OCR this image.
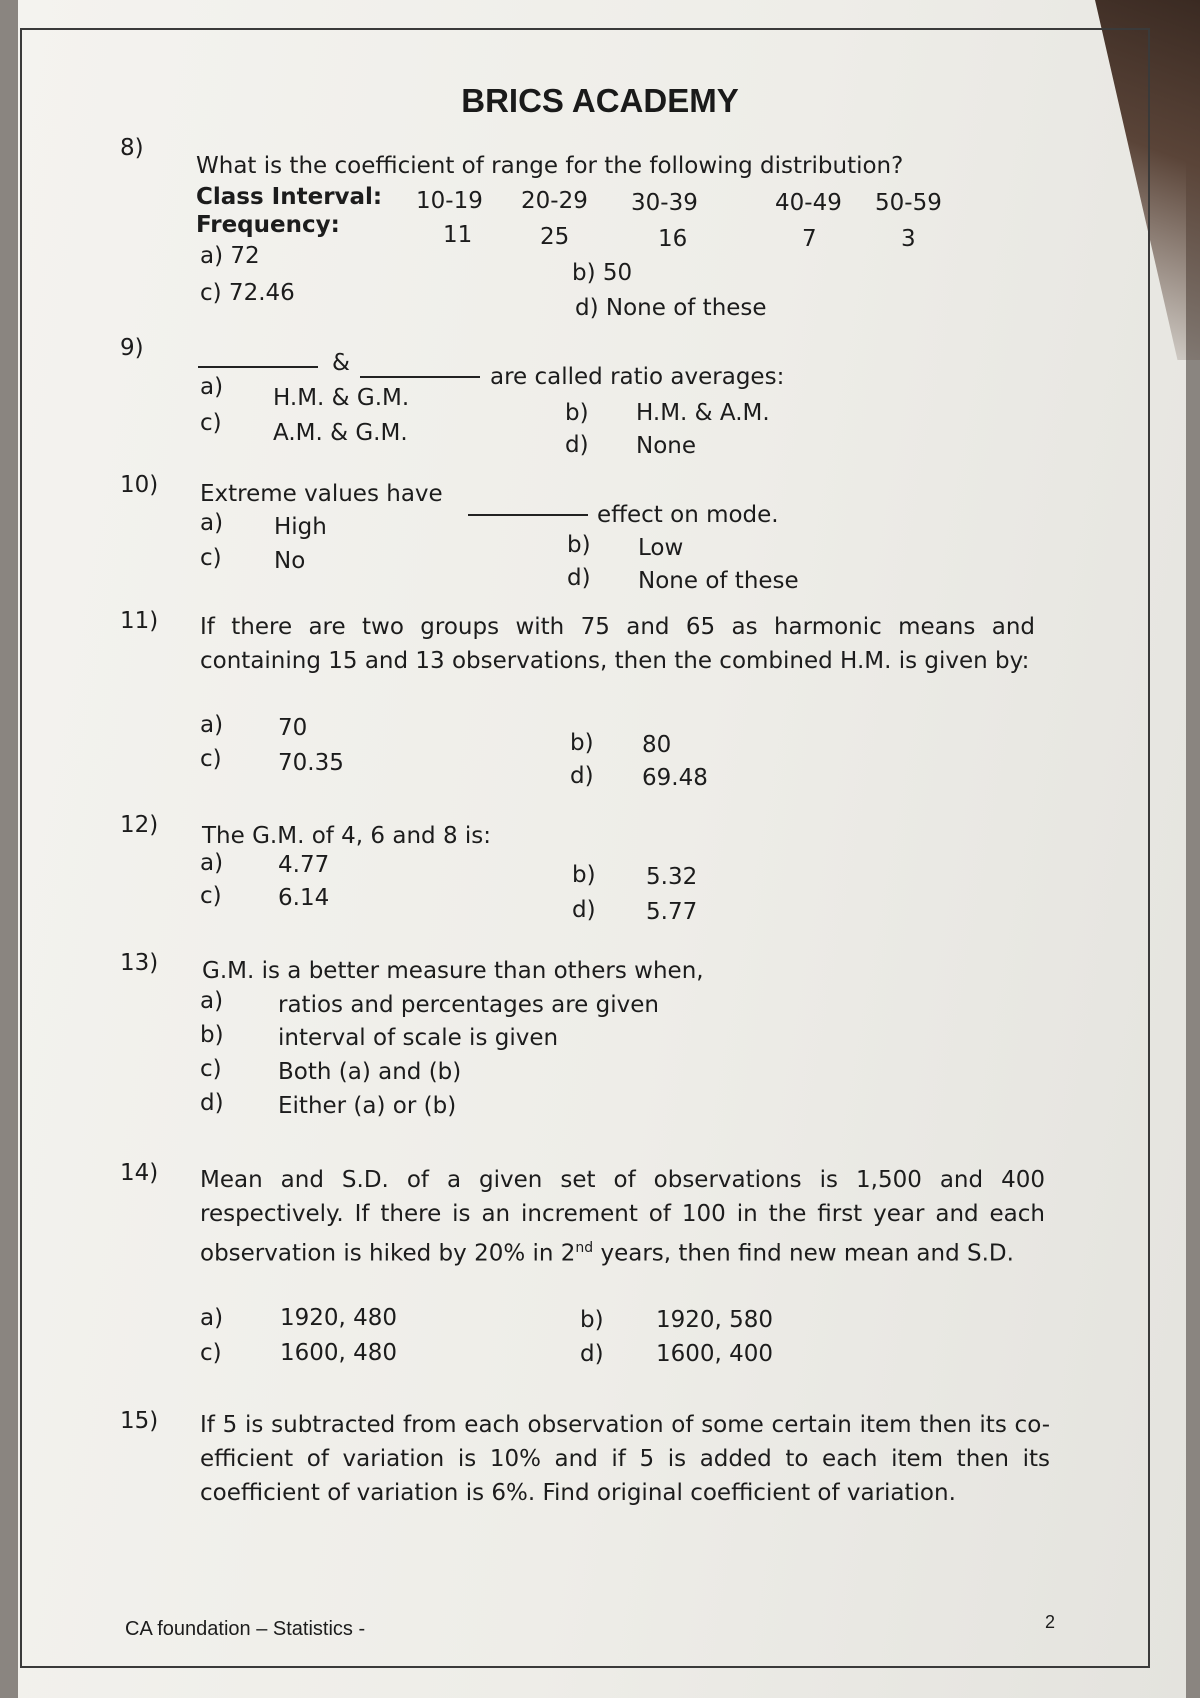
BRICS ACADEMY
8)
What is the coefficient of range for the following distribution?
Class Interval: 10-19 20-29 30-39	40-49 50-59
Frequency:	11	25	16	7	3
a) 72
b) 50
c) 72.46
d) None of these
9)
&
are called ratio averages:
a) H.M. & G.M.
b) H.M. & A.M.
c) A.M. & G.M.	d) None
10) Extreme values have
effect on mode.
a) High
b) Low
c) No
d) None of these
11) If there are two groups with 75 and 65 as harmonic means and containing 15 and 13 observations, then the combined H.M. is given by:
a) 70
b) 80
c) 70.35	d) 69.48
12) The G.M. of 4, 6 and 8 is:
a) 4.77	b) 5.32
c) 6.14	d) 5.77
13) G.M. is a better measure than others when,
a) ratios and percentages are given
b) interval of scale is given
c) Both (a) and (b)
d) Either (a) or (b)
14) Mean and S.D. of a given set of observations is 1,500 and 400 respectively. If there is an increment of 100 in the first year and each observation is hiked by 20% in 2nd years, then find new mean and S.D.
a) 1920, 480	b) 1920, 580
c)	1600, 480	d) 1600, 400
15) If 5 is subtracted from each observation of some certain item then its co-efficient of variation is 10% and if 5 is added to each item then its coefficient of variation is 6%. Find original coefficient of variation.
CA foundation – Statistics -	2
